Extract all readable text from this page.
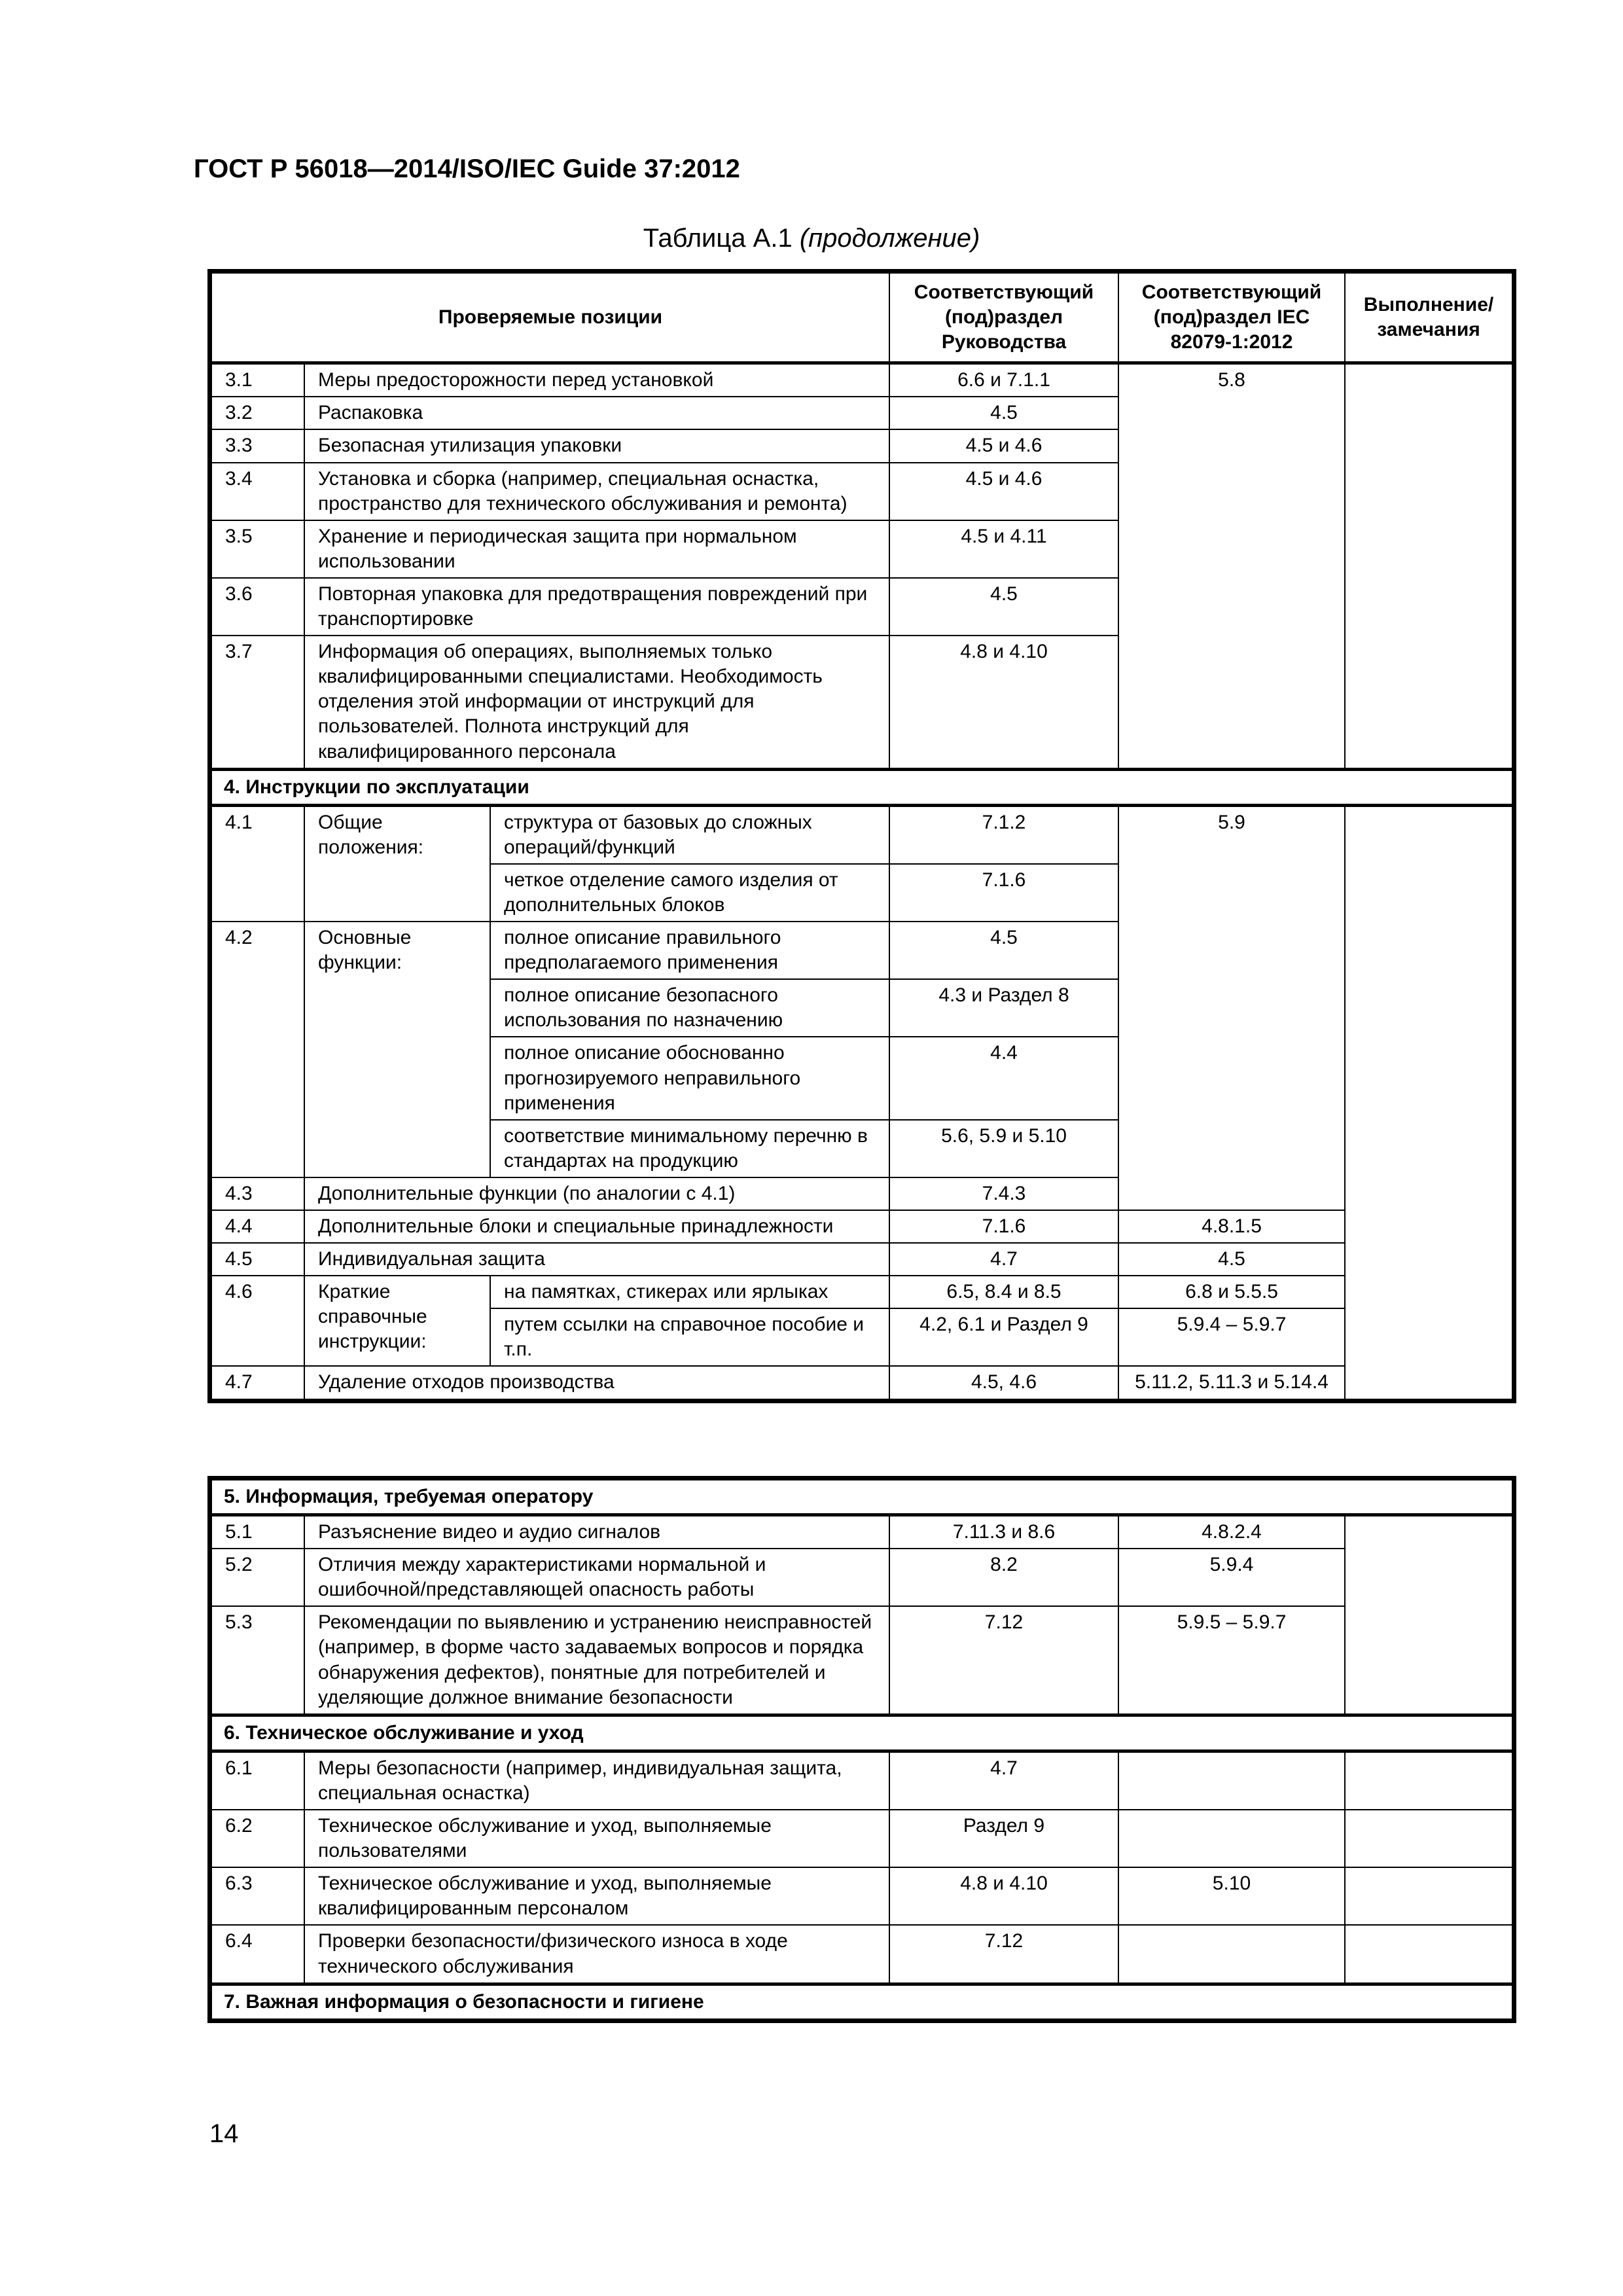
ГОСТ Р 56018—2014/ISO/IEC Guide 37:2012
Таблица А.1 (продолжение)
Проверяемые позиции			Соответствующий (под)раздел Руководства	Соответствующий (под)раздел IEC 82079-1:2012	Выполнение/ замечания
3.1	Меры предосторожности перед установкой		6.6 и 7.1.1	5.8	
3.2	Распаковка		4.5		
3.3	Безопасная утилизация упаковки		4.5 и 4.6		
3.4	Установка и сборка (например, специальная оснастка, пространство для технического обслуживания и ремонта)		4.5 и 4.6		
3.5	Хранение и периодическая защита при нормальном использовании		4.5 и 4.11		
3.6	Повторная упаковка для предотвращения повреждений при транспортировке		4.5		
3.7	Информация об операциях, выполняемых только квалифицированными специалистами. Необходимость отделения этой информации от инструкций для пользователей. Полнота инструкций для квалифицированного персонала		4.8 и 4.10		
4. Инструкции по эксплуатации					
4.1	Общие положения:	структура от базовых до сложных операций/функций	7.1.2	5.9	
		четкое отделение самого изделия от дополнительных блоков	7.1.6		
4.2	Основные функции:	полное описание правильного предполагаемого применения	4.5		
		полное описание безопасного использования по назначению	4.3 и Раздел 8		
		полное описание обоснованно прогнозируемого неправильного применения	4.4		
		соответствие минимальному перечню в стандартах на продукцию	5.6, 5.9 и 5.10		
4.3	Дополнительные функции (по аналогии с 4.1)		7.4.3		
4.4	Дополнительные блоки и специальные принадлежности		7.1.6	4.8.1.5	
4.5	Индивидуальная защита		4.7	4.5	
4.6	Краткие справочные инструкции:	на памятках, стикерах или ярлыках	6.5, 8.4 и 8.5	6.8 и 5.5.5	
		путем ссылки на справочное пособие и т.п.	4.2, 6.1 и Раздел 9	5.9.4 – 5.9.7	
4.7	Удаление отходов производства		4.5, 4.6	5.11.2, 5.11.3 и 5.14.4	
5. Информация, требуемая оператору				
5.1	Разъяснение видео и аудио сигналов	7.11.3 и 8.6	4.8.2.4	
5.2	Отличия между характеристиками нормальной и ошибочной/представляющей опасность работы	8.2	5.9.4	
5.3	Рекомендации по выявлению и устранению неисправностей (например, в форме часто задаваемых вопросов и порядка обнаружения дефектов), понятные для потребителей и уделяющие должное внимание безопасности	7.12	5.9.5 – 5.9.7	
6. Техническое обслуживание и уход				
6.1	Меры безопасности (например, индивидуальная защита, специальная оснастка)	4.7		
6.2	Техническое обслуживание и уход, выполняемые пользователями	Раздел 9		
6.3	Техническое обслуживание и уход, выполняемые квалифицированным персоналом	4.8 и 4.10	5.10	
6.4	Проверки безопасности/физического износа в ходе технического обслуживания	7.12		
7. Важная информация о безопасности и гигиене				
14
